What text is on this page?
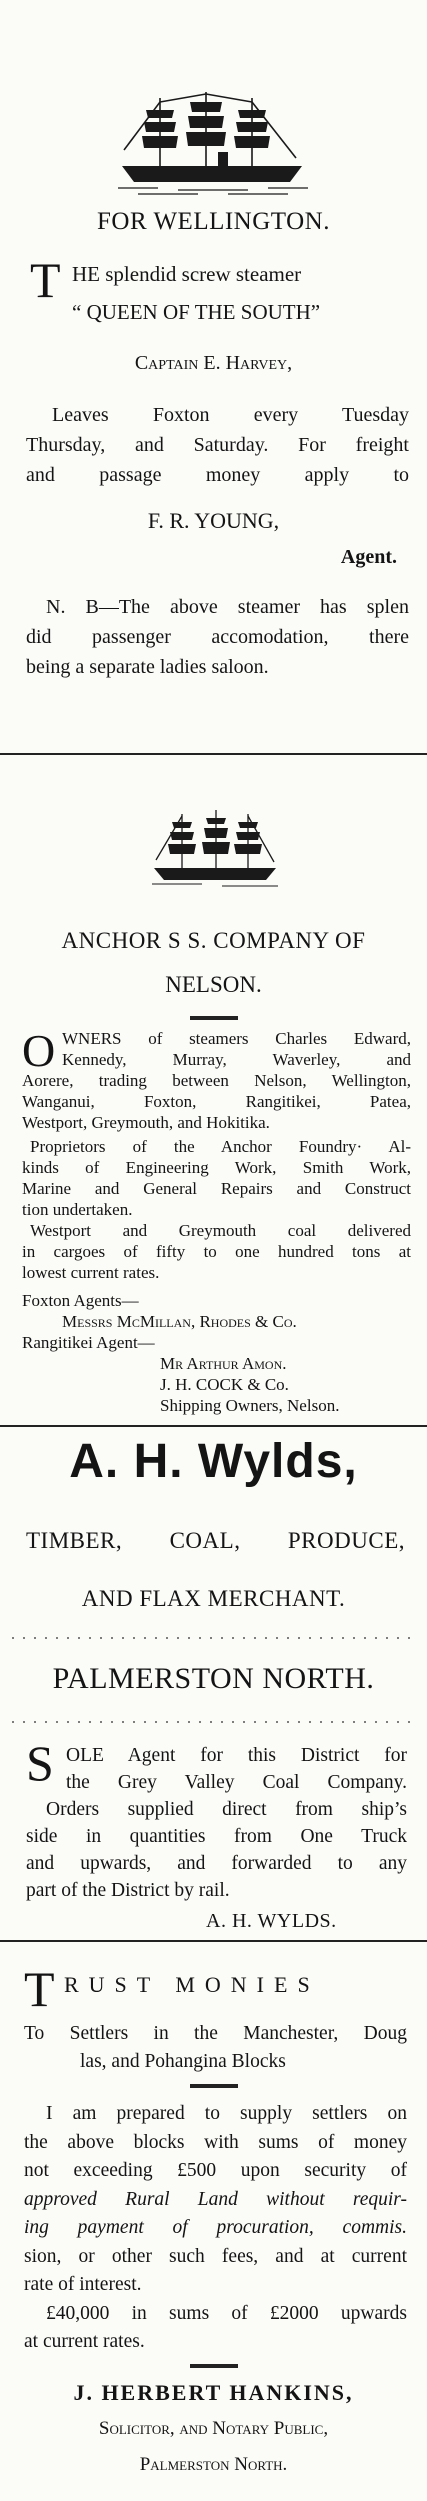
FOR WELLINGTON.
T HE splendid screw steamer
“ QUEEN OF THE SOUTH”
Captain E. Harvey,
Leaves Foxton every Tuesday
Thursday, and Saturday. For freight
and passage money apply to
F. R. YOUNG,
Agent.
N. B—The above steamer has splen
did passenger accomodation, there
being a separate ladies saloon.
ANCHOR S S. COMPANY OF
NELSON.
O WNERS of steamers Charles Edward,
Kennedy, Murray, Waverley, and
Aorere, trading between Nelson, Wellington,
Wanganui, Foxton, Rangitikei, Patea,
Westport, Greymouth, and Hokitika.
Proprietors of the Anchor Foundry· Al-
kinds of Engineering Work, Smith Work,
Marine and General Repairs and Construct
tion undertaken.
Westport and Greymouth coal delivered
in cargoes of fifty to one hundred tons at
lowest current rates.
Foxton Agents—
Messrs McMillan, Rhodes & Co.
Rangitikei Agent—
Mr Arthur Amon.
J. H. COCK & Co.
Shipping Owners, Nelson.
A. H. Wylds,
TIMBER, COAL, PRODUCE,
AND FLAX MERCHANT.
PALMERSTON NORTH.
S OLE Agent for this District for
the Grey Valley Coal Company.
Orders supplied direct from ship’s
side in quantities from One Truck
and upwards, and forwarded to any
part of the District by rail.
A. H. WYLDS.
T RUST MONIES
To Settlers in the Manchester, Doug
las, and Pohangina Blocks
I am prepared to supply settlers on
the above blocks with sums of money
not exceeding £500 upon security of
approved Rural Land without requir-
ing payment of procuration, commis.
sion, or other such fees, and at current
rate of interest.
£40,000 in sums of £2000 upwards
at current rates.
J. HERBERT HANKINS,
Solicitor, and Notary Public,
Palmerston North.
